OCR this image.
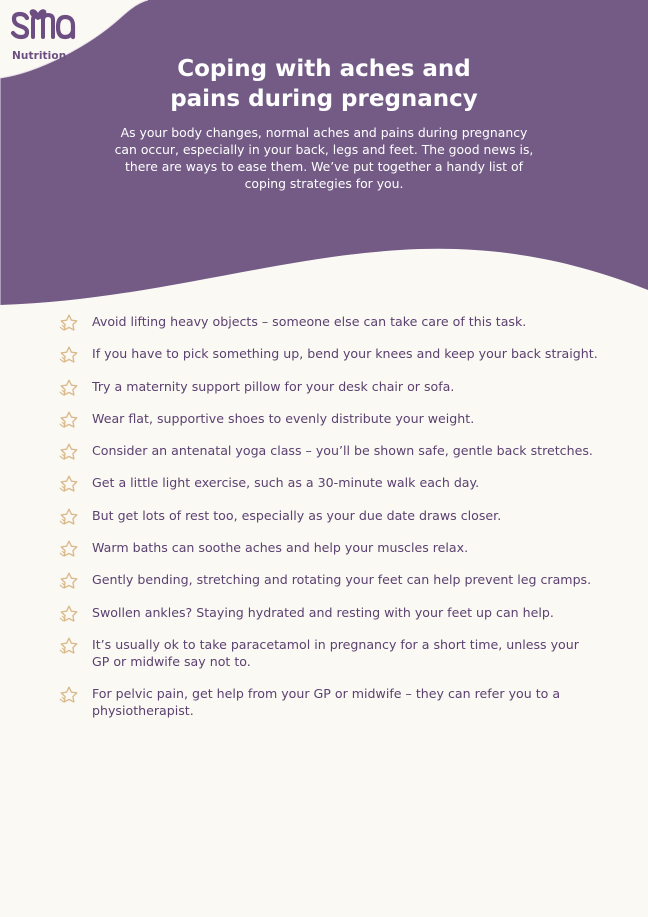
Nutrition	Coping with aches and
pains during pregnancy

As your body changes, normal aches and pains during pregnancy can occur, especially in your back, legs and feet. The good news is, there are ways to ease them. We’ve put together a handy list of coping strategies for you.

Avoid lifting heavy objects – someone else can take care of this task.
If you have to pick something up, bend your knees and keep your back straight.
Try a maternity support pillow for your desk chair or sofa.
Wear flat, supportive shoes to evenly distribute your weight.
Consider an antenatal yoga class – you’ll be shown safe, gentle back stretches.
Get a little light exercise, such as a 30-minute walk each day.
But get lots of rest too, especially as your due date draws closer.
Warm baths can soothe aches and help your muscles relax.
Gently bending, stretching and rotating your feet can help prevent leg cramps.
Swollen ankles? Staying hydrated and resting with your feet up can help.
It’s usually ok to take paracetamol in pregnancy for a short time, unless your GP or midwife say not to.
For pelvic pain, get help from your GP or midwife – they can refer you to a physiotherapist.
